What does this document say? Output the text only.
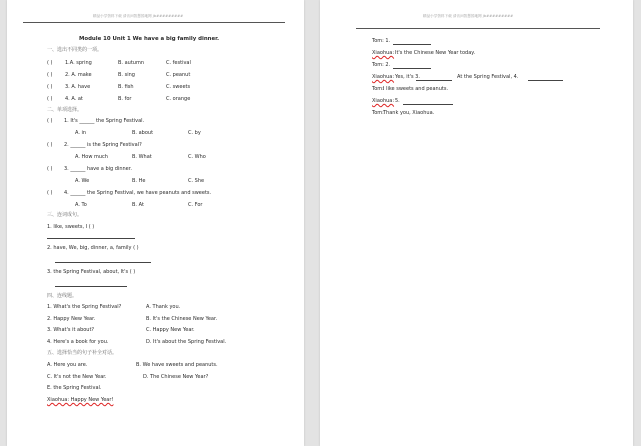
精品小学资料下载 请访问智慧园地网 jb#########
Module 10 Unit 1 We have a big family dinner.
一、选出不同类的一项。
( )	1.A. spring	B. autumn	C. festival
( )	2. A. make	B. sing	C. peanut
( )	3. A. have	B. fish	C. sweets
( )	4. A. at	B. for	C. orange
二、单项选择。
( ) 1. It's ______ the Spring Festival.
A. in	B. about	C. by
( ) 2. ______ is the Spring Festival?
A. How much	B. What	C. Who
( ) 3. ______ have a big dinner.
A. We	B. He	C. She
( ) 4. ______ the Spring Festival, we have peanuts and sweets.
A. To	B. At	C. For
三、连词成句。
1. like, sweets, I ( )
2. have, We, big, dinner, a, family ( )
3. the Spring Festival, about, It's ( )
四、连线题。
1. What's the Spring Festival?	A. Thank you.
2. Happy New Year.	B. It's the Chinese New Year.
3. What's it about?	C. Happy New Year.
4. Here's a book for you.	D. It's about the Spring Festival.
五、选择恰当的句子补全对话。
A. Here you are.	B. We have sweets and peanuts.
C. It's not the New Year.	D. The Chinese New Year?
E. the Spring Festival.
Xiaohua: Happy New Year!
精品小学资料下载 请访问智慧园地网 jb#########
Tom: 1.
Xiaohua: It's the Chinese New Year today.
Tom: 2.
Xiaohua: Yes, it's 3.	At the Spring Festival, 4.
Tom: I like sweets and peanuts.
Xiaohua: 5.
Tom: Thank you, Xiaohua.
